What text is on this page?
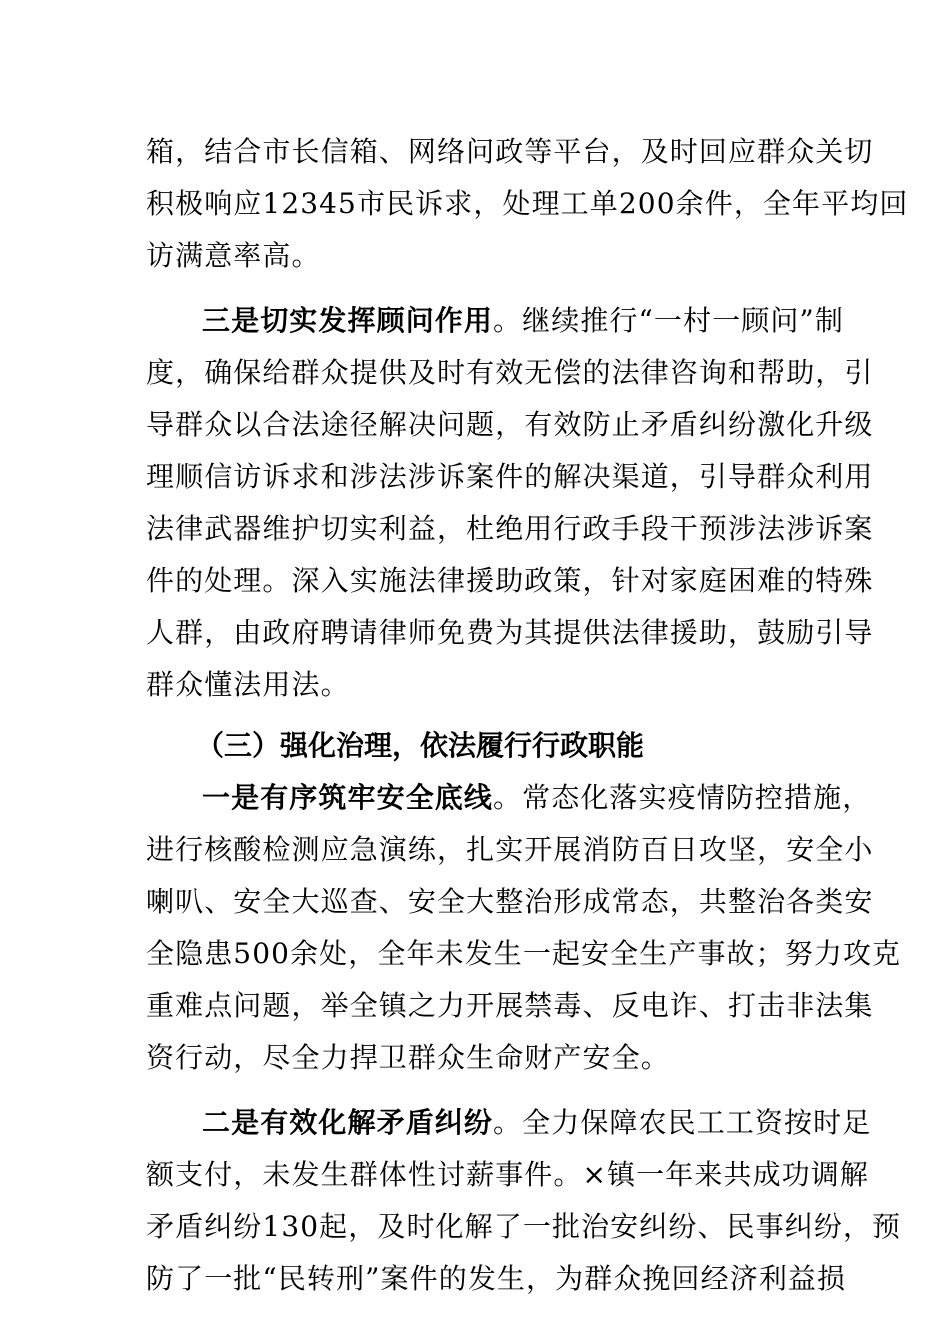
箱，结合市长信箱、网络问政等平台，及时回应群众关切
积极响应12345市民诉求，处理工单200余件，全年平均回
访满意率高。
三是切实发挥顾问作用。继续推行“一村一顾问”制
度，确保给群众提供及时有效无偿的法律咨询和帮助，引
导群众以合法途径解决问题，有效防止矛盾纠纷激化升级
理顺信访诉求和涉法涉诉案件的解决渠道，引导群众利用
法律武器维护切实利益，杜绝用行政手段干预涉法涉诉案
件的处理。深入实施法律援助政策，针对家庭困难的特殊
人群，由政府聘请律师免费为其提供法律援助，鼓励引导
群众懂法用法。
（三）强化治理，依法履行行政职能
一是有序筑牢安全底线。常态化落实疫情防控措施，
进行核酸检测应急演练，扎实开展消防百日攻坚，安全小
喇叭、安全大巡查、安全大整治形成常态，共整治各类安
全隐患500余处，全年未发生一起安全生产事故；努力攻克
重难点问题，举全镇之力开展禁毒、反电诈、打击非法集
资行动，尽全力捍卫群众生命财产安全。
二是有效化解矛盾纠纷。全力保障农民工工资按时足
额支付，未发生群体性讨薪事件。×镇一年来共成功调解
矛盾纠纷130起，及时化解了一批治安纠纷、民事纠纷，预
防了一批“民转刑”案件的发生，为群众挽回经济利益损
